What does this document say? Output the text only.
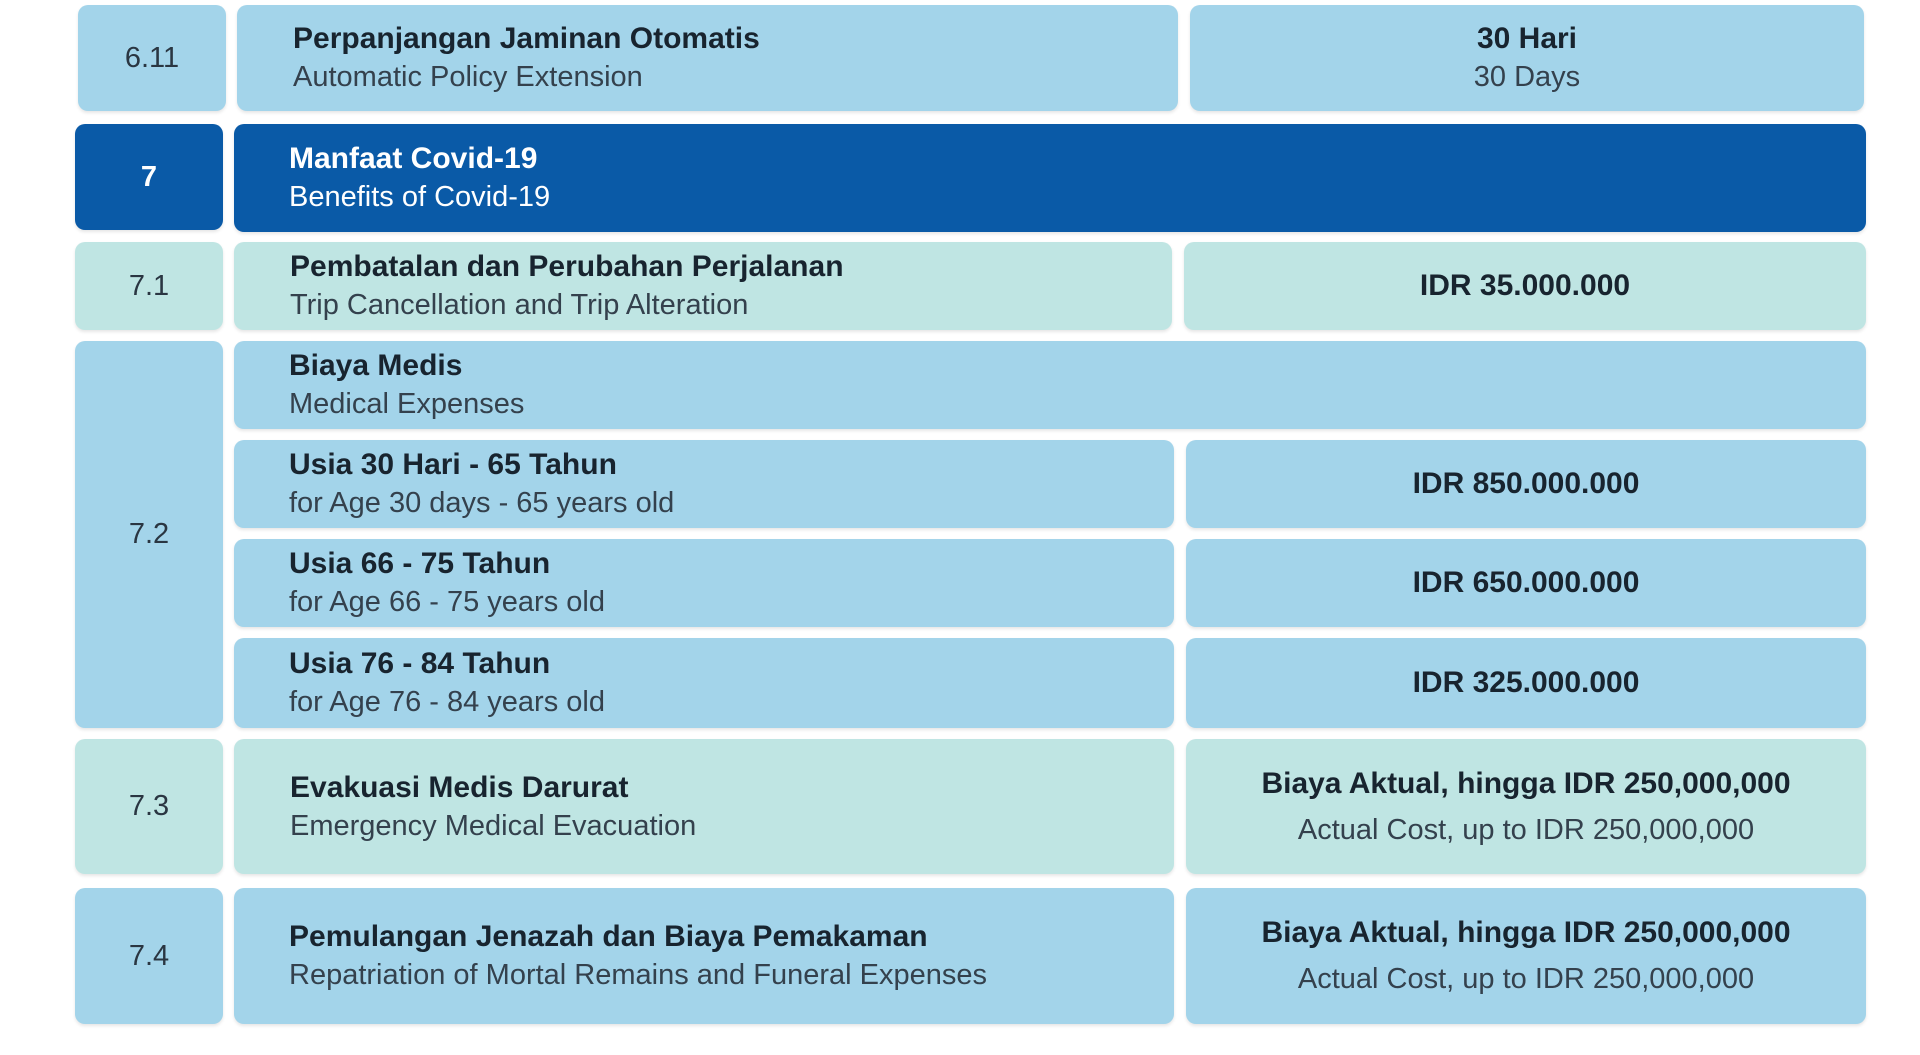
6.11
Perpanjangan Jaminan Otomatis
Automatic Policy Extension
30 Hari
30 Days
7
Manfaat Covid-19
Benefits of Covid-19
7.1
Pembatalan dan Perubahan Perjalanan
Trip Cancellation and Trip Alteration
IDR 35.000.000
7.2
Biaya Medis
Medical Expenses
Usia 30 Hari - 65 Tahun
for Age 30 days - 65 years old
IDR 850.000.000
Usia 66 - 75 Tahun
for Age 66 - 75 years old
IDR 650.000.000
Usia 76 - 84 Tahun
for Age 76 - 84 years old
IDR 325.000.000
7.3
Evakuasi Medis Darurat
Emergency Medical Evacuation
Biaya Aktual, hingga IDR 250,000,000
Actual Cost, up to IDR 250,000,000
7.4
Pemulangan Jenazah dan Biaya Pemakaman
Repatriation of Mortal Remains and Funeral Expenses
Biaya Aktual, hingga IDR 250,000,000
Actual Cost, up to IDR 250,000,000
